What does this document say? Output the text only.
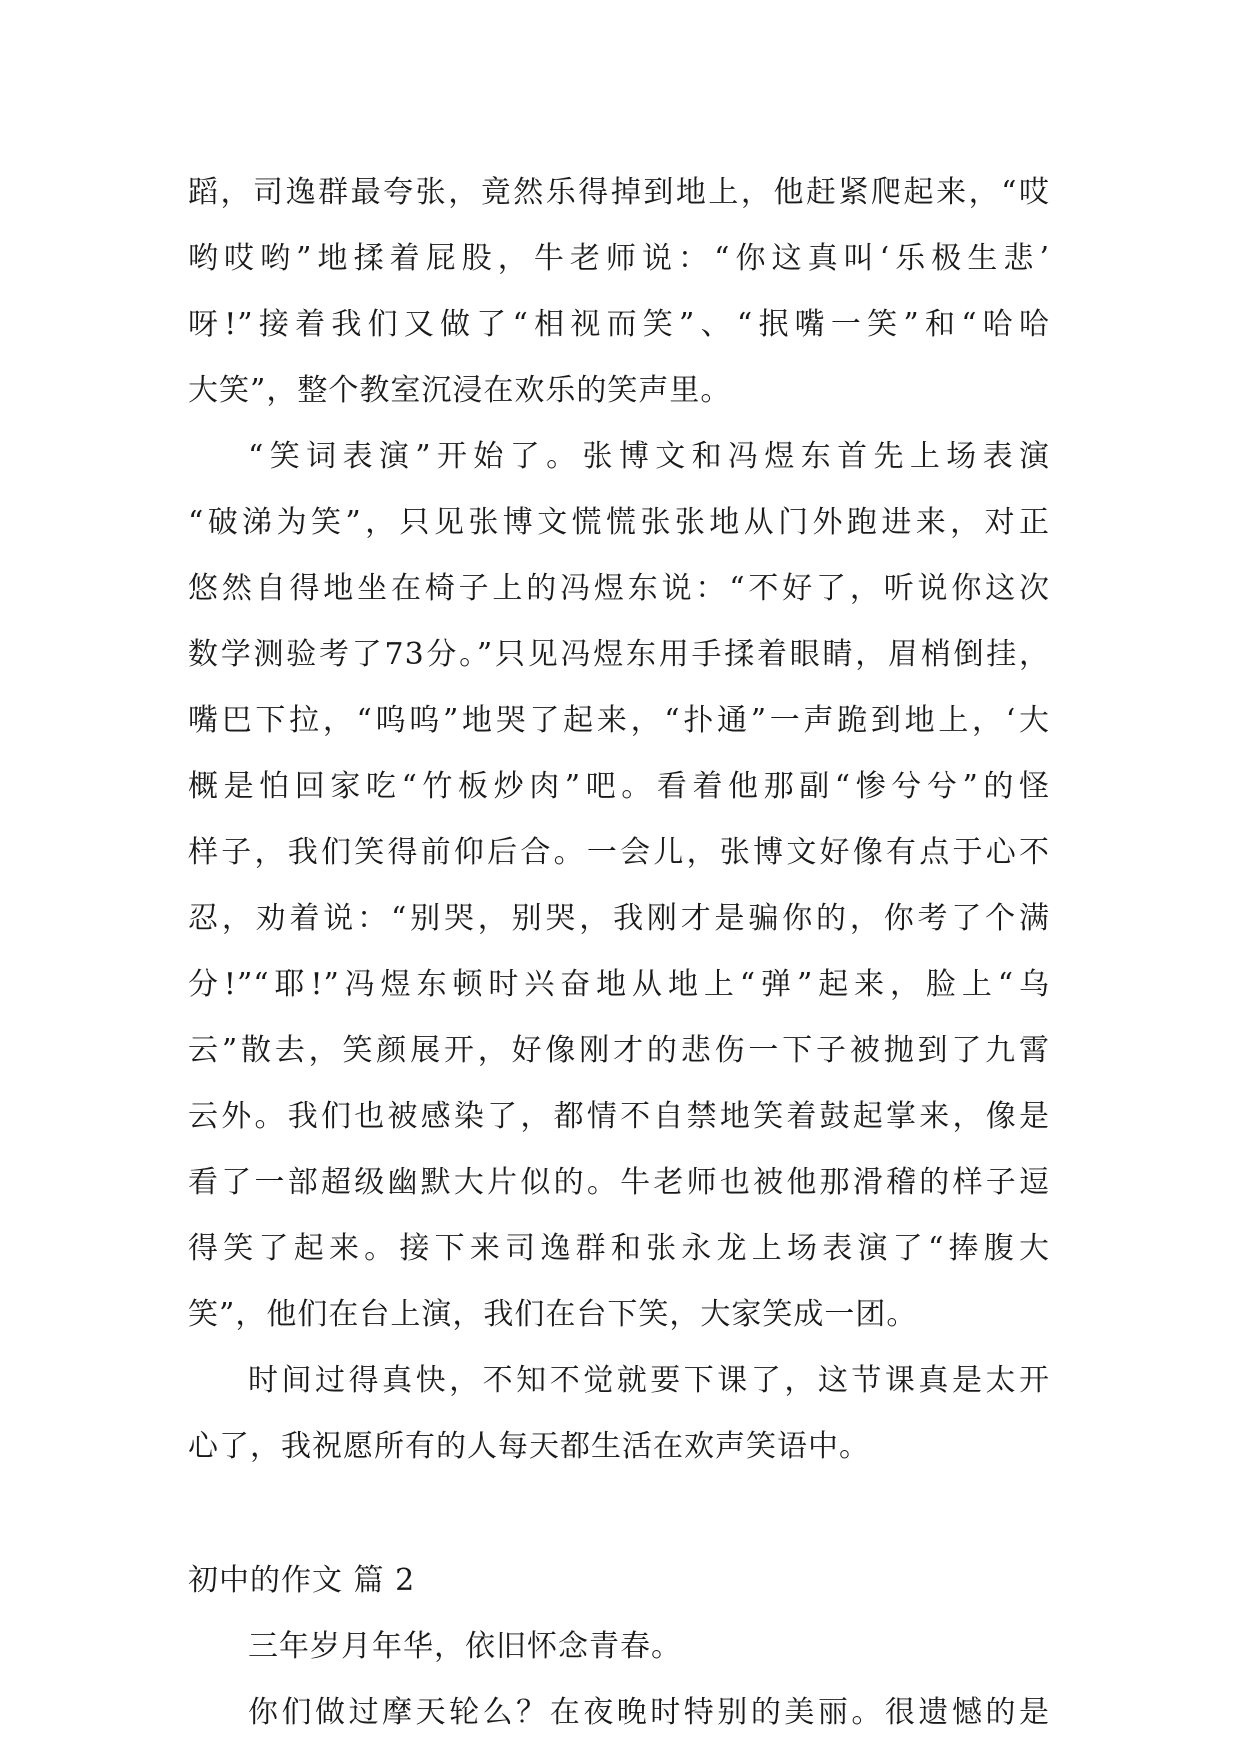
蹈，司逸群最夸张，竟然乐得掉到地上，他赶紧爬起来，“哎
哟哎哟”地揉着屁股，牛老师说：“你这真叫‘乐极生悲’
呀!”接着我们又做了“相视而笑”、“抿嘴一笑”和“哈哈
大笑”，整个教室沉浸在欢乐的笑声里。
“笑词表演”开始了。张博文和冯煜东首先上场表演
“破涕为笑”，只见张博文慌慌张张地从门外跑进来，对正
悠然自得地坐在椅子上的冯煜东说：“不好了，听说你这次
数学测验考了73分。”只见冯煜东用手揉着眼睛，眉梢倒挂，
嘴巴下拉，“呜呜”地哭了起来，“扑通”一声跪到地上，‘大
概是怕回家吃“竹板炒肉”吧。看着他那副“惨兮兮”的怪
样子，我们笑得前仰后合。一会儿，张博文好像有点于心不
忍，劝着说：“别哭，别哭，我刚才是骗你的，你考了个满
分!”“耶!”冯煜东顿时兴奋地从地上“弹”起来，脸上“乌
云”散去，笑颜展开，好像刚才的悲伤一下子被抛到了九霄
云外。我们也被感染了，都情不自禁地笑着鼓起掌来，像是
看了一部超级幽默大片似的。牛老师也被他那滑稽的样子逗
得笑了起来。接下来司逸群和张永龙上场表演了“捧腹大
笑”，他们在台上演，我们在台下笑，大家笑成一团。
时间过得真快，不知不觉就要下课了，这节课真是太开
心了，我祝愿所有的人每天都生活在欢声笑语中。
初中的作文 篇 2
三年岁月年华，依旧怀念青春。
你们做过摩天轮么？在夜晚时特别的美丽。很遗憾的是
